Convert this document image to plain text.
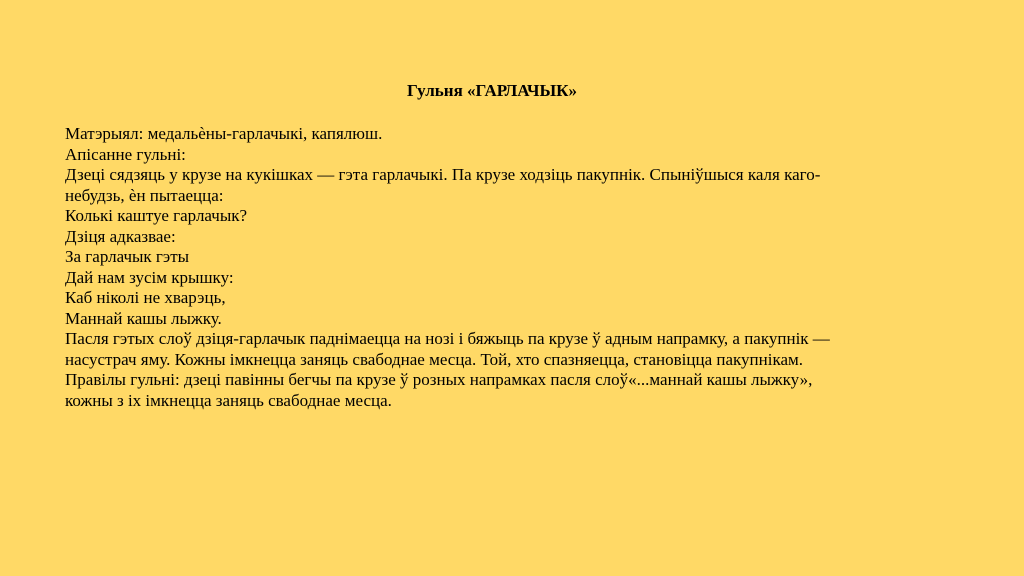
Гульня «ГАРЛАЧЫК»
Матэрыял: медальèны-гарлачыкі, капялюш.
Апісанне гульні:
Дзеці сядзяць у крузе на кукішках — гэта гарлачыкі. Па крузе ходзіць пакупнік. Спыніўшыся каля каго-
небудзь, èн пытаецца:
Колькі каштуе гарлачык?
Дзіця адказвае:
За гарлачык гэты
Дай нам зусім крышку:
Каб ніколі не хварэць,
Маннай кашы лыжку.
Пасля гэтых слоў дзіця-гарлачык паднімаецца на нозі і бяжыць па крузе ў адным напрамку, а пакупнік —
насустрач яму. Кожны імкнецца заняць свабоднае месца. Той, хто спазняецца, становіцца пакупнікам.
Правілы гульні: дзеці павінны бегчы па крузе ў розных напрамках пасля слоў«...маннай кашы лыжку»,
кожны з іх імкнецца заняць свабоднае месца.
